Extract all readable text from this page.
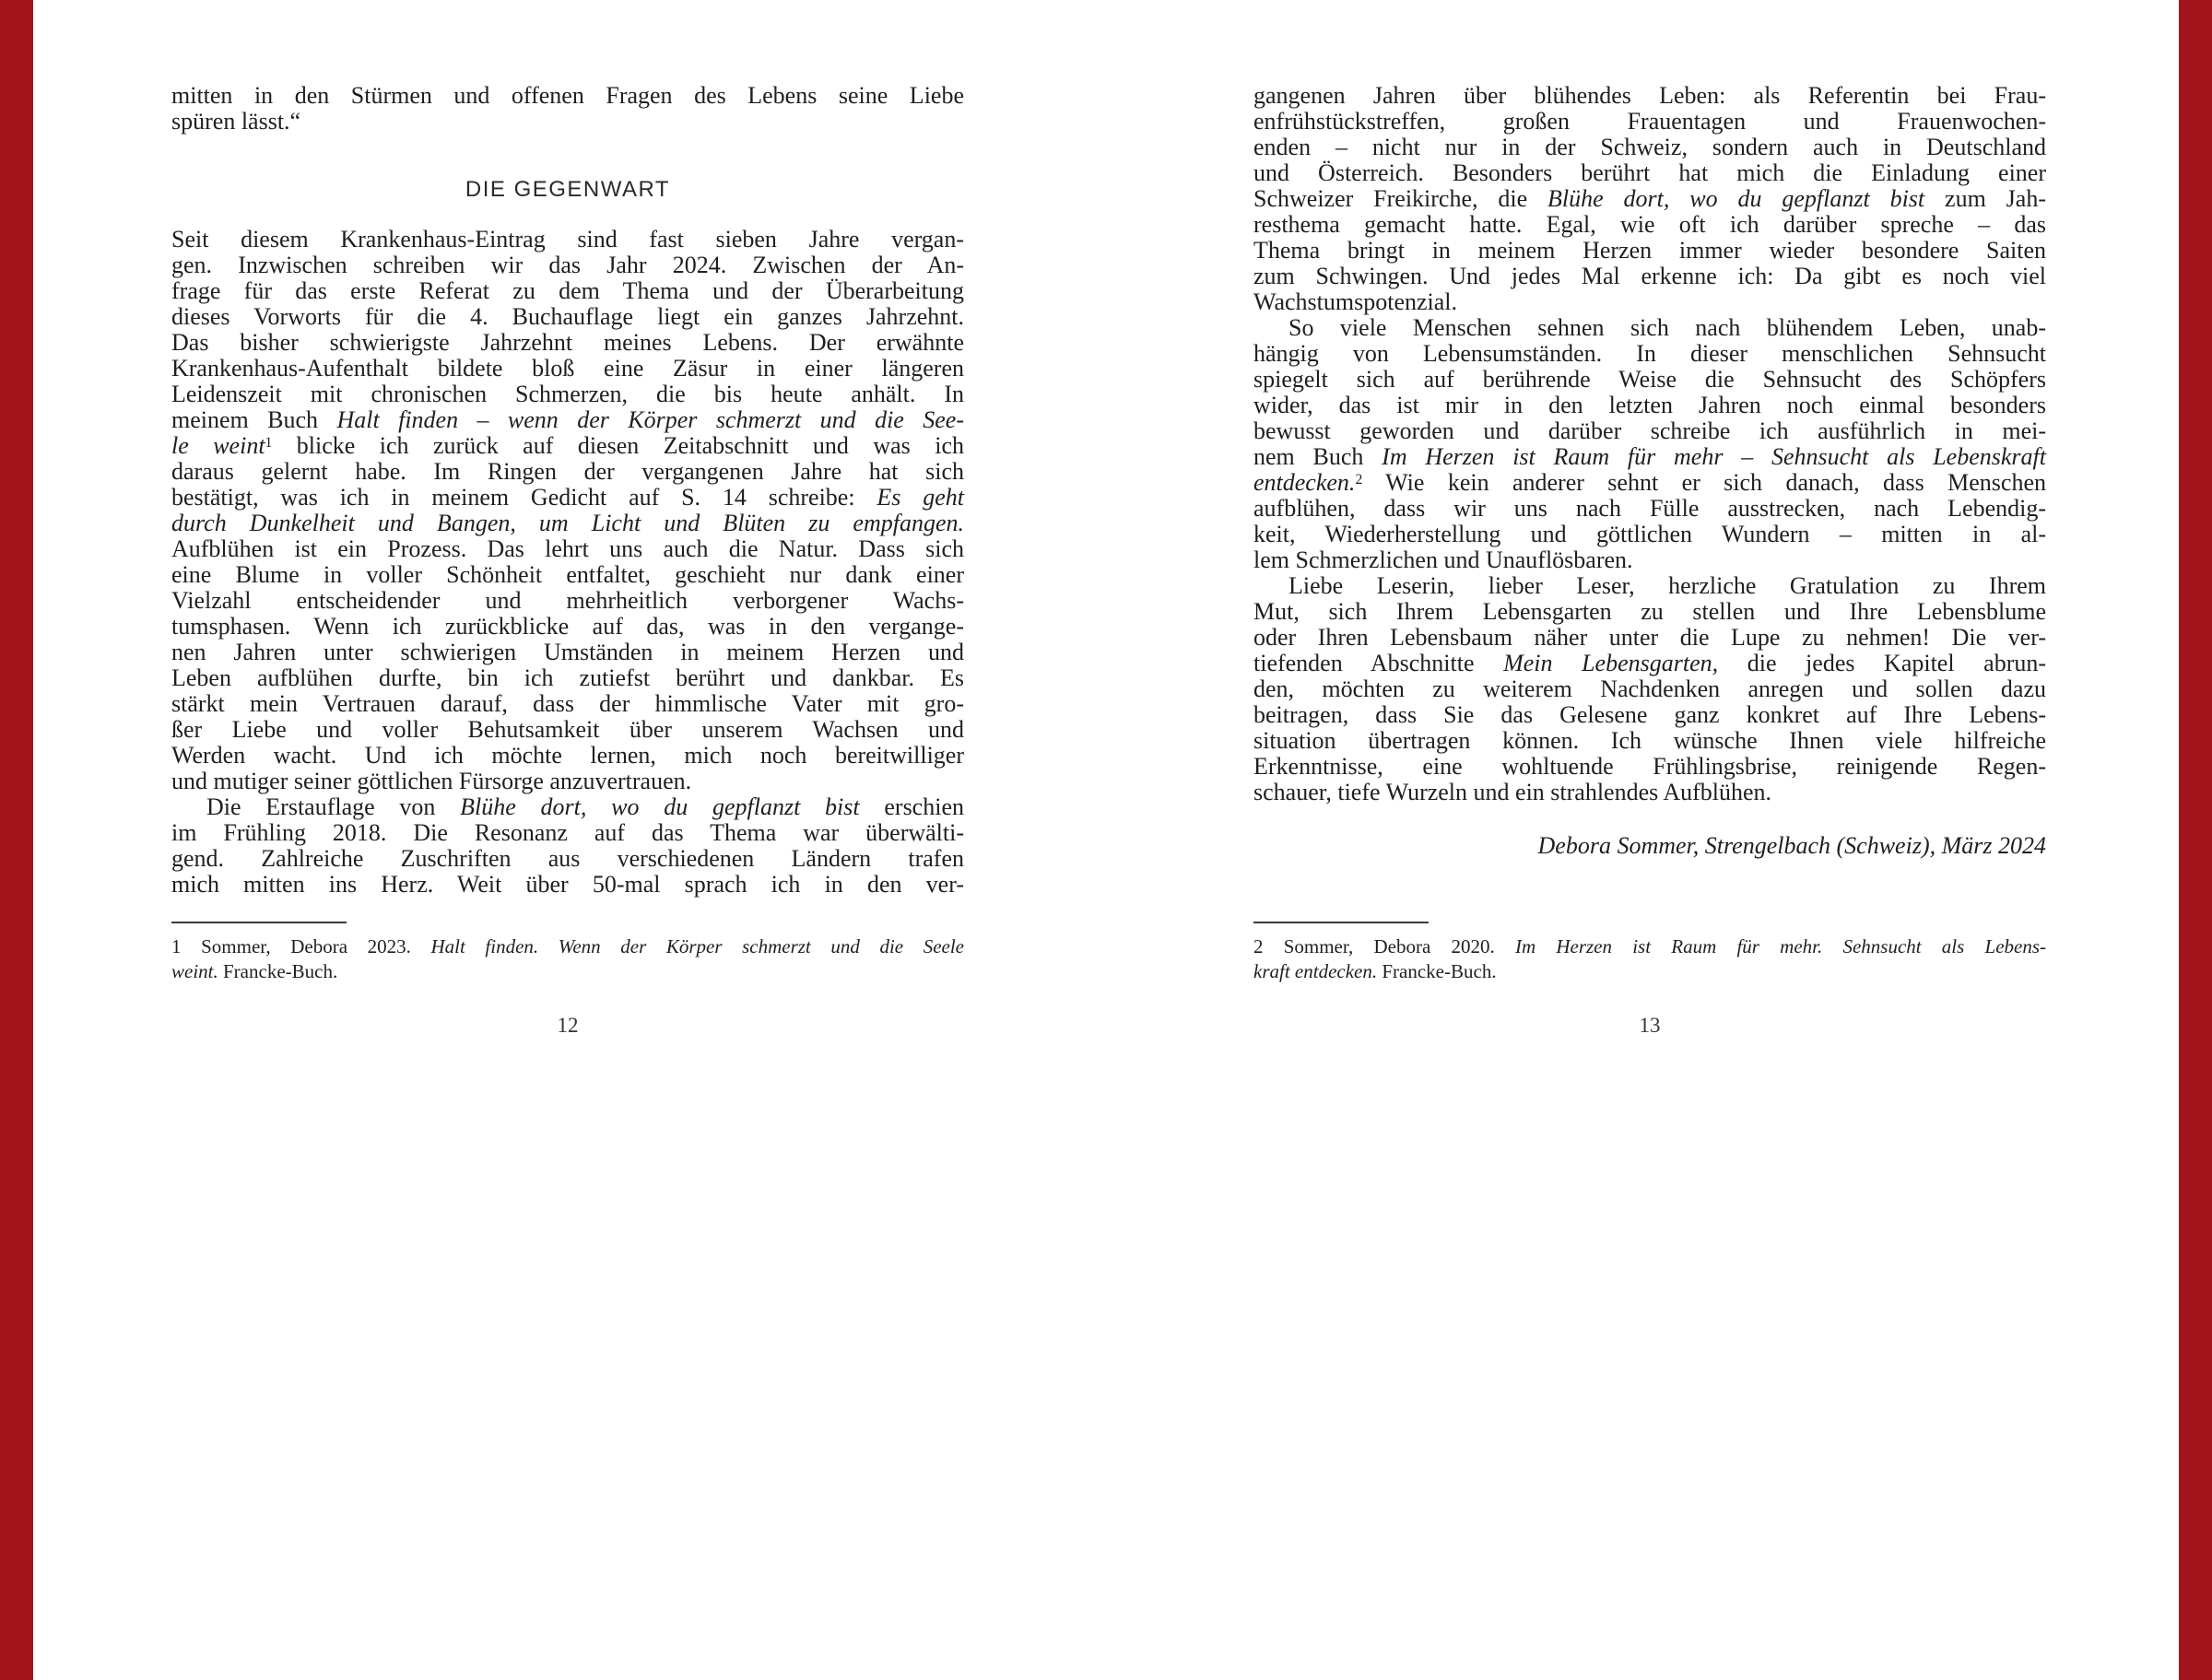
mitten in den Stürmen und offenen Fragen des Lebens seine Liebe
spüren lässt.“
DIE GEGENWART
Seit diesem Krankenhaus-Eintrag sind fast sieben Jahre vergan-
gen. Inzwischen schreiben wir das Jahr 2024. Zwischen der An-
frage für das erste Referat zu dem Thema und der Überarbeitung
dieses Vorworts für die 4. Buchauflage liegt ein ganzes Jahrzehnt.
Das bisher schwierigste Jahrzehnt meines Lebens. Der erwähnte
Krankenhaus-Aufenthalt bildete bloß eine Zäsur in einer längeren
Leidenszeit mit chronischen Schmerzen, die bis heute anhält. In
meinem Buch Halt finden – wenn der Körper schmerzt und die See-
le weint$^1$ blicke ich zurück auf diesen Zeitabschnitt und was ich
daraus gelernt habe. Im Ringen der vergangenen Jahre hat sich
bestätigt, was ich in meinem Gedicht auf S. 14 schreibe: Es geht
durch Dunkelheit und Bangen, um Licht und Blüten zu empfangen.
Aufblühen ist ein Prozess. Das lehrt uns auch die Natur. Dass sich
eine Blume in voller Schönheit entfaltet, geschieht nur dank einer
Vielzahl entscheidender und mehrheitlich verborgener Wachs-
tumsphasen. Wenn ich zurückblicke auf das, was in den vergange-
nen Jahren unter schwierigen Umständen in meinem Herzen und
Leben aufblühen durfte, bin ich zutiefst berührt und dankbar. Es
stärkt mein Vertrauen darauf, dass der himmlische Vater mit gro-
ßer Liebe und voller Behutsamkeit über unserem Wachsen und
Werden wacht. Und ich möchte lernen, mich noch bereitwilliger
und mutiger seiner göttlichen Fürsorge anzuvertrauen.
Die Erstauflage von Blühe dort, wo du gepflanzt bist erschien
im Frühling 2018. Die Resonanz auf das Thema war überwälti-
gend. Zahlreiche Zuschriften aus verschiedenen Ländern trafen
mich mitten ins Herz. Weit über 50-mal sprach ich in den ver-
1 Sommer, Debora 2023. Halt finden. Wenn der Körper schmerzt und die Seele
weint. Francke-Buch.
12
gangenen Jahren über blühendes Leben: als Referentin bei Frau-
enfrühstückstreffen, großen Frauentagen und Frauenwochen-
enden – nicht nur in der Schweiz, sondern auch in Deutschland
und Österreich. Besonders berührt hat mich die Einladung einer
Schweizer Freikirche, die Blühe dort, wo du gepflanzt bist zum Jah-
resthema gemacht hatte. Egal, wie oft ich darüber spreche – das
Thema bringt in meinem Herzen immer wieder besondere Saiten
zum Schwingen. Und jedes Mal erkenne ich: Da gibt es noch viel
Wachstumspotenzial.
So viele Menschen sehnen sich nach blühendem Leben, unab-
hängig von Lebensumständen. In dieser menschlichen Sehnsucht
spiegelt sich auf berührende Weise die Sehnsucht des Schöpfers
wider, das ist mir in den letzten Jahren noch einmal besonders
bewusst geworden und darüber schreibe ich ausführlich in mei-
nem Buch Im Herzen ist Raum für mehr – Sehnsucht als Lebenskraft
entdecken.$^2$ Wie kein anderer sehnt er sich danach, dass Menschen
aufblühen, dass wir uns nach Fülle ausstrecken, nach Lebendig-
keit, Wiederherstellung und göttlichen Wundern – mitten in al-
lem Schmerzlichen und Unauflösbaren.
Liebe Leserin, lieber Leser, herzliche Gratulation zu Ihrem
Mut, sich Ihrem Lebensgarten zu stellen und Ihre Lebensblume
oder Ihren Lebensbaum näher unter die Lupe zu nehmen! Die ver-
tiefenden Abschnitte Mein Lebensgarten, die jedes Kapitel abrun-
den, möchten zu weiterem Nachdenken anregen und sollen dazu
beitragen, dass Sie das Gelesene ganz konkret auf Ihre Lebens-
situation übertragen können. Ich wünsche Ihnen viele hilfreiche
Erkenntnisse, eine wohltuende Frühlingsbrise, reinigende Regen-
schauer, tiefe Wurzeln und ein strahlendes Aufblühen.
Debora Sommer, Strengelbach (Schweiz), März 2024
2 Sommer, Debora 2020. Im Herzen ist Raum für mehr. Sehnsucht als Lebens-
kraft entdecken. Francke-Buch.
13
